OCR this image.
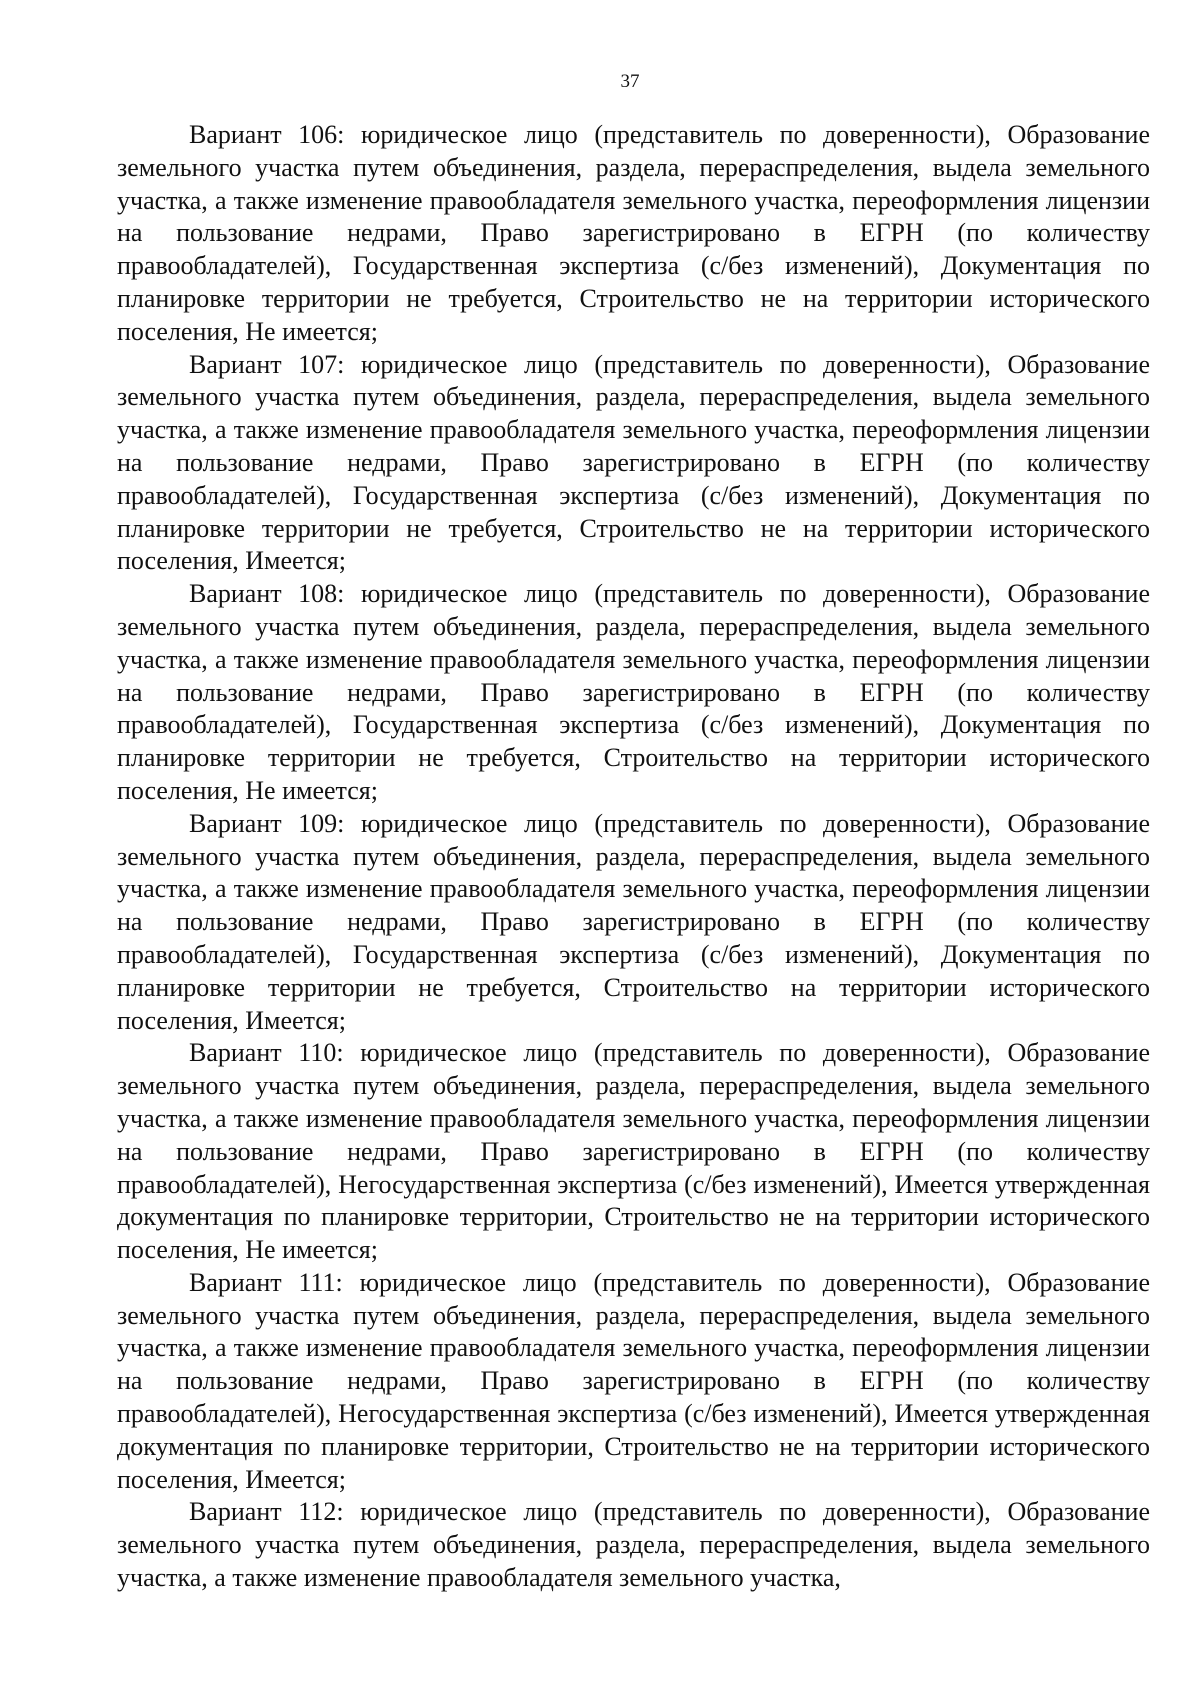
37

Вариант 106: юридическое лицо (представитель по доверенности), Образование земельного участка путем объединения, раздела, перераспределения, выдела земельного участка, а также изменение правообладателя земельного участка, переоформления лицензии на пользование недрами, Право зарегистрировано в ЕГРН (по количеству правообладателей), Государственная экспертиза (с/без изменений), Документация по планировке территории не требуется, Строительство не на территории исторического поселения, Не имеется;

Вариант 107: юридическое лицо (представитель по доверенности), Образование земельного участка путем объединения, раздела, перераспределения, выдела земельного участка, а также изменение правообладателя земельного участка, переоформления лицензии на пользование недрами, Право зарегистрировано в ЕГРН (по количеству правообладателей), Государственная экспертиза (с/без изменений), Документация по планировке территории не требуется, Строительство не на территории исторического поселения, Имеется;

Вариант 108: юридическое лицо (представитель по доверенности), Образование земельного участка путем объединения, раздела, перераспределения, выдела земельного участка, а также изменение правообладателя земельного участка, переоформления лицензии на пользование недрами, Право зарегистрировано в ЕГРН (по количеству правообладателей), Государственная экспертиза (с/без изменений), Документация по планировке территории не требуется, Строительство на территории исторического поселения, Не имеется;

Вариант 109: юридическое лицо (представитель по доверенности), Образование земельного участка путем объединения, раздела, перераспределения, выдела земельного участка, а также изменение правообладателя земельного участка, переоформления лицензии на пользование недрами, Право зарегистрировано в ЕГРН (по количеству правообладателей), Государственная экспертиза (с/без изменений), Документация по планировке территории не требуется, Строительство на территории исторического поселения, Имеется;

Вариант 110: юридическое лицо (представитель по доверенности), Образование земельного участка путем объединения, раздела, перераспределения, выдела земельного участка, а также изменение правообладателя земельного участка, переоформления лицензии на пользование недрами, Право зарегистрировано в ЕГРН (по количеству правообладателей), Негосударственная экспертиза (с/без изменений), Имеется утвержденная документация по планировке территории, Строительство не на территории исторического поселения, Не имеется;

Вариант 111: юридическое лицо (представитель по доверенности), Образование земельного участка путем объединения, раздела, перераспределения, выдела земельного участка, а также изменение правообладателя земельного участка, переоформления лицензии на пользование недрами, Право зарегистрировано в ЕГРН (по количеству правообладателей), Негосударственная экспертиза (с/без изменений), Имеется утвержденная документация по планировке территории, Строительство не на территории исторического поселения, Имеется;

Вариант 112: юридическое лицо (представитель по доверенности), Образование земельного участка путем объединения, раздела, перераспределения, выдела земельного участка, а также изменение правообладателя земельного участка,
